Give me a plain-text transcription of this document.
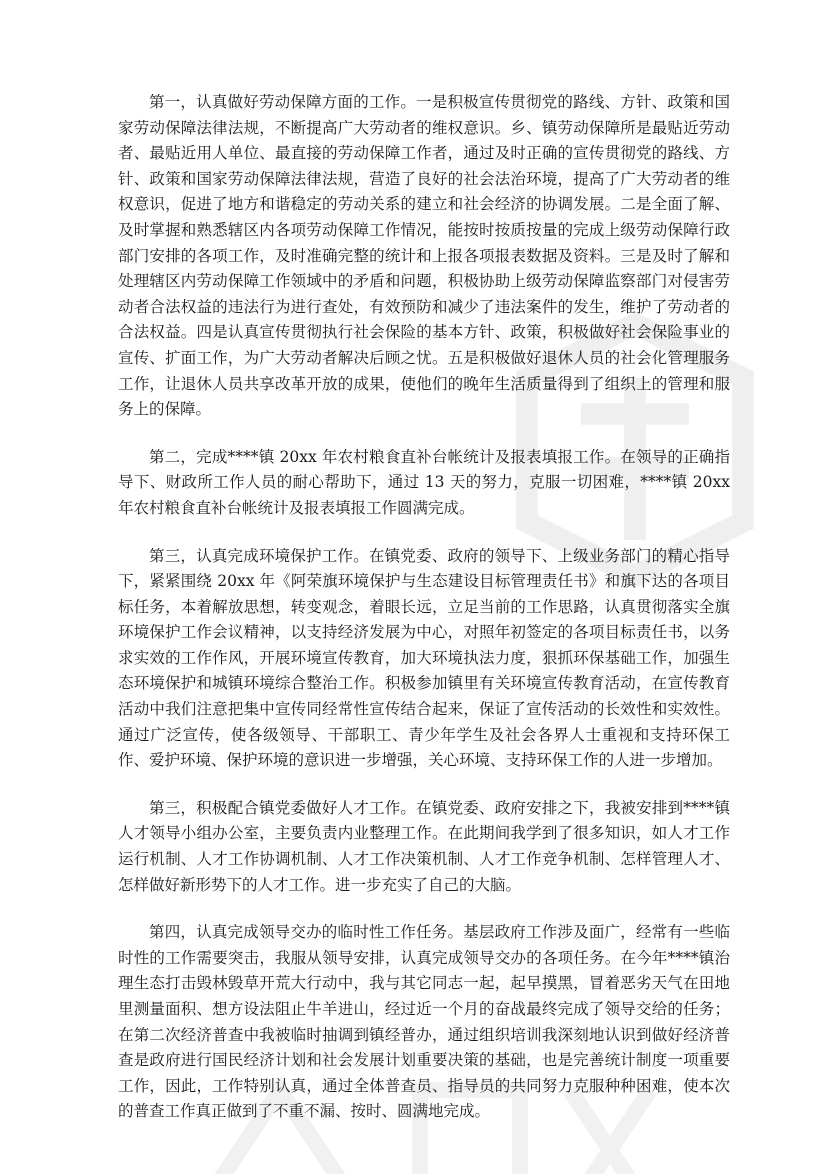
第一，认真做好劳动保障方面的工作。一是积极宣传贯彻党的路线、方针、政策和国家劳动保障法律法规，不断提高广大劳动者的维权意识。乡、镇劳动保障所是最贴近劳动者、最贴近用人单位、最直接的劳动保障工作者，通过及时正确的宣传贯彻党的路线、方针、政策和国家劳动保障法律法规，营造了良好的社会法治环境，提高了广大劳动者的维权意识，促进了地方和谐稳定的劳动关系的建立和社会经济的协调发展。二是全面了解、及时掌握和熟悉辖区内各项劳动保障工作情况，能按时按质按量的完成上级劳动保障行政部门安排的各项工作，及时准确完整的统计和上报各项报表数据及资料。三是及时了解和处理辖区内劳动保障工作领域中的矛盾和问题，积极协助上级劳动保障监察部门对侵害劳动者合法权益的违法行为进行查处，有效预防和减少了违法案件的发生，维护了劳动者的合法权益。四是认真宣传贯彻执行社会保险的基本方针、政策，积极做好社会保险事业的宣传、扩面工作，为广大劳动者解决后顾之忧。五是积极做好退休人员的社会化管理服务工作，让退休人员共享改革开放的成果，使他们的晚年生活质量得到了组织上的管理和服务上的保障。

第二，完成****镇 20xx 年农村粮食直补台帐统计及报表填报工作。在领导的正确指导下、财政所工作人员的耐心帮助下，通过 13 天的努力，克服一切困难，****镇 20xx 年农村粮食直补台帐统计及报表填报工作圆满完成。

第三，认真完成环境保护工作。在镇党委、政府的领导下、上级业务部门的精心指导下，紧紧围绕 20xx 年《阿荣旗环境保护与生态建设目标管理责任书》和旗下达的各项目标任务，本着解放思想，转变观念，着眼长远，立足当前的工作思路，认真贯彻落实全旗环境保护工作会议精神，以支持经济发展为中心，对照年初签定的各项目标责任书，以务求实效的工作作风，开展环境宣传教育，加大环境执法力度，狠抓环保基础工作，加强生态环境保护和城镇环境综合整治工作。积极参加镇里有关环境宣传教育活动，在宣传教育活动中我们注意把集中宣传同经常性宣传结合起来，保证了宣传活动的长效性和实效性。通过广泛宣传，使各级领导、干部职工、青少年学生及社会各界人士重视和支持环保工作、爱护环境、保护环境的意识进一步增强，关心环境、支持环保工作的人进一步增加。

第三，积极配合镇党委做好人才工作。在镇党委、政府安排之下，我被安排到****镇人才领导小组办公室，主要负责内业整理工作。在此期间我学到了很多知识，如人才工作运行机制、人才工作协调机制、人才工作决策机制、人才工作竞争机制、怎样管理人才、怎样做好新形势下的人才工作。进一步充实了自己的大脑。

第四，认真完成领导交办的临时性工作任务。基层政府工作涉及面广，经常有一些临时性的工作需要突击，我服从领导安排，认真完成领导交办的各项任务。在今年****镇治理生态打击毁林毁草开荒大行动中，我与其它同志一起，起早摸黑，冒着恶劣天气在田地里测量面积、想方设法阻止牛羊进山，经过近一个月的奋战最终完成了领导交给的任务；在第二次经济普查中我被临时抽调到镇经普办，通过组织培训我深刻地认识到做好经济普查是政府进行国民经济计划和社会发展计划重要决策的基础，也是完善统计制度一项重要工作，因此，工作特别认真，通过全体普查员、指导员的共同努力克服种种困难，使本次的普查工作真正做到了不重不漏、按时、圆满地完成。
